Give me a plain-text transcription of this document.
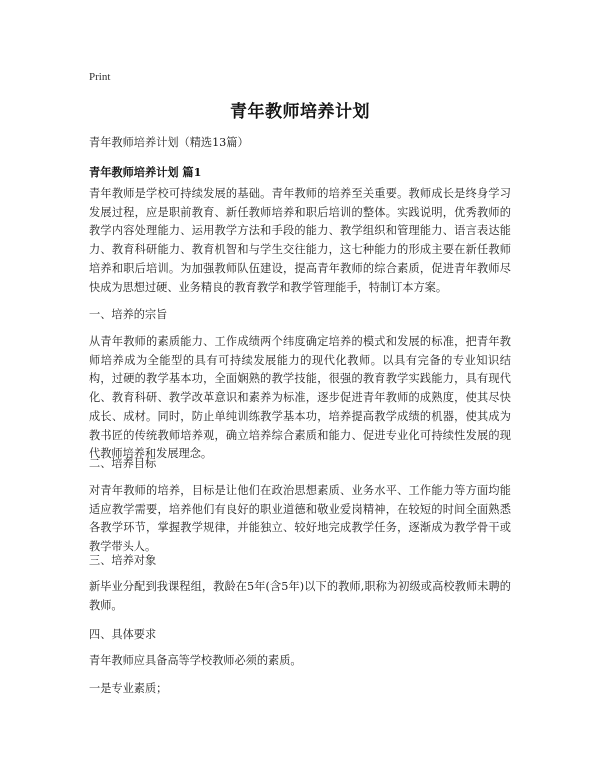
Print
青年教师培养计划
青年教师培养计划（精选13篇）
青年教师培养计划 篇1
青年教师是学校可持续发展的基础。青年教师的培养至关重要。教师成长是终身学习发展过程，应是职前教育、新任教师培养和职后培训的整体。实践说明，优秀教师的教学内容处理能力、运用教学方法和手段的能力、教学组织和管理能力、语言表达能力、教育科研能力、教育机智和与学生交往能力，这七种能力的形成主要在新任教师培养和职后培训。为加强教师队伍建设，提高青年教师的综合素质，促进青年教师尽快成为思想过硬、业务精良的教育教学和教学管理能手，特制订本方案。
一、培养的宗旨
从青年教师的素质能力、工作成绩两个纬度确定培养的模式和发展的标准，把青年教师培养成为全能型的具有可持续发展能力的现代化教师。以具有完备的专业知识结构，过硬的教学基本功，全面娴熟的教学技能，很强的教育教学实践能力，具有现代化、教育科研、教学改革意识和素养为标准，逐步促进青年教师的成熟度，使其尽快成长、成材。同时，防止单纯训练教学基本功，培养提高教学成绩的机器，使其成为教书匠的传统教师培养观，确立培养综合素质和能力、促进专业化可持续性发展的现代教师培养和发展理念。
二、培养目标
对青年教师的培养，目标是让他们在政治思想素质、业务水平、工作能力等方面均能适应教学需要，培养他们有良好的职业道德和敬业爱岗精神，在较短的时间全面熟悉各教学环节，掌握教学规律，并能独立、较好地完成教学任务，逐渐成为教学骨干或教学带头人。
三、培养对象
新毕业分配到我课程组，教龄在5年(含5年)以下的教师,职称为初级或高校教师未聘的教师。
四、具体要求
青年教师应具备高等学校教师必须的素质。
一是专业素质；
